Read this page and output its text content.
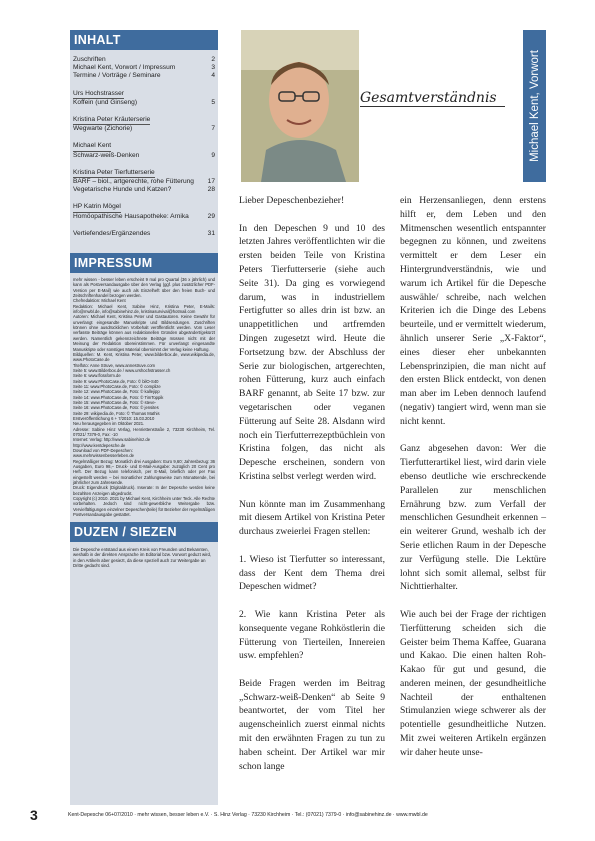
INHALT
Zuschriften	2
Michael Kent, Vorwort / Impressum	3
Termine / Vorträge / Seminare	4
Urs Hochstrasser
Koffein (und Ginseng)	5
Kristina Peter Kräuterserie
Wegwarte (Zichorie)	7
Michael Kent
Schwarz-weiß-Denken	9
Kristina Peter Tierfutterserie
BARF – biol., artgerechte, rohe Fütterung	17
Vegetarische Hunde und Katzen?	28
HP Katrin Mögel
Homöopathische Hausapotheke: Arnika	29
Vertiefendes/Ergänzendes	31
IMPRESSUM
mehr wissen - besser leben erscheint 9 mal pro Quartal (36 x jährlich) und kann als Postversandausgabe über den Verlag (ggf. plus zusätzlicher PDF-Version per E-Mail) wie auch als Einzelheft über den freien Buch- und Zeitschriftenhandel bezogen werden.
Chefredaktion: Michael Kent
Redaktion: Michael Kent, Sabine Hinz, Kristina Peter, E-Mails: info@mwbl.de, info@sabinehinz.de, kristinasurvival@hotmail.com
Autoren: Michael Kent, Kristina Peter und Gastautoren. Keine Gewähr für unverlangt eingesandte Manuskripte und Bildsendungen. Zuschriften können ohne ausdrücklichen Vorbehalt veröffentlicht werden. Vom Leser verfasste Beiträge können aus redaktionellen Gründen abgeändert/gekürzt werden. Namentlich gekennzeichnete Beiträge müssen nicht mit der Meinung der Redaktion übereinstimmen. Für unverlangt eingesandte Manuskripte oder sonstiges Material übernimmt der Verlag keine Haftung.
Bildquellen: M. Kent, Kristina Peter, www.bilderbox.de, www.wikipedia.de, www.PhotoCase.de
Titelfoto: Anne Struve, www.annestruve.com
Seite 5: www.Bilderbox.de / www.urshochstrasser.ch
Seite 6: www.floraform.de
Seite 9: www.PhotoCase.de, Foto: © bilO-S40
Seite 11: www.PhotoCase.de, Foto: © complize
Seite 12: www.PhotoCase.de, Foto: © kallejipp
Seite 14: www.PhotoCase.de, Foto: © TimToppik
Seite 15: www.PhotoCase.de, Foto: © steve-
Seite 16: www.PhotoCase.de, Foto: © jensites
Seite 29: wikipedia.de, Foto: © Thomas Mathis
Erstveröffentlichung 6 + 7/2010: 15.03.2010
Neu herausgegeben im Oktober 2021.
Adresse: Sabine Hinz Verlag, Henriettenstraße 2, 73230 Kirchheim, Tel. 07021/ 7379-0, Fax: -10
Internet: Verlag: http://www.sabinehinz.de
http://www.kentdepesche.de
Download von PDF-Depeschen:
www.mehrwissenbesserleben.de
Regelmäßiger Bezug: Monatlich drei Ausgaben: Euro 9,60; Jahresbezug: 36 Ausgaben, Euro 98,– Druck- und E-Mail-Ausgabe: zuzüglich 20 Cent pro Heft. Der Bezug kann telefonisch, per E-Mail, brieflich oder per Fax eingestellt werden – bei monatlicher Zahlungsweise zum Monatsende, bei jährlicher zum Jahresende.
Druck: Eigendruck (Digitaldruck). Inserate: In der Depesche werden keine bezahlten Anzeigen abgedruckt.
Copyright (c) 2010. 2021 by Michael Kent, Kirchheim unter Teck. Alle Rechte vorbehalten. Jedoch sind nicht-gewerbliche Weitergabe bzw. Vervielfältigungen einzelner Depeschen(teile) für Bezieher der regelmäßigen Postversandausgabe gestattet.
DUZEN / SIEZEN
Die Depesche entstand aus einem Kreis von Freunden und Bekannten, weshalb in der direkten Ansprache im Editorial bzw. Vorwort geduzt wird, in den Artikeln aber gesiezt, da diese speziell auch zur Weitergabe an Dritte gedacht sind.
Gesamtverständnis	Michael Kent, Vorwort

Lieber Depeschenbezieher!

In den Depeschen 9 und 10 des letzten Jahres veröffentlichten wir die ersten beiden Teile von Kristina Peters Tierfutterserie (siehe auch Seite 31). Da ging es vorwiegend darum, was in industriellem Fertigfutter so alles drin ist bzw. an unappetitlichen und artfremden Dingen zugesetzt wird. Heute die Fortsetzung bzw. der Abschluss der Serie zur biologischen, artgerechten, rohen Fütterung, kurz auch einfach BARF genannt, ab Seite 17 bzw. zur vegetarischen oder veganen Fütterung auf Seite 28. Alsdann wird noch ein Tierfutterrezeptbüchlein von Kristina folgen, das nicht als Depesche erscheinen, sondern von Kristina selbst verlegt werden wird.

Nun könnte man im Zusammenhang mit diesem Artikel von Kristina Peter durchaus zweierlei Fragen stellen:

1. Wieso ist Tierfutter so interessant, dass der Kent dem Thema drei Depeschen widmet?

2. Wie kann Kristina Peter als konsequente vegane Rohköstlerin die Fütterung von Tierteilen, Innereien usw. empfehlen?

Beide Fragen werden im Beitrag „Schwarz-weiß-Denken“ ab Seite 9 beantwortet, der vom Titel her augenscheinlich zuerst einmal nichts mit den erwähnten Fragen zu tun zu haben scheint. Der Artikel war mir schon lange

ein Herzensanliegen, denn erstens hilft er, dem Leben und den Mitmenschen wesentlich entspannter begegnen zu können, und zweitens vermittelt er dem Leser ein Hintergrundverständnis, wie und warum ich Artikel für die Depesche auswähle/ schreibe, nach welchen Kriterien ich die Dinge des Lebens beurteile, und er vermittelt wiederum, ähnlich unserer Serie „X-Faktor“, eines dieser eher unbekannten Lebensprinzipien, die man nicht auf den ersten Blick entdeckt, von denen man aber im Leben dennoch laufend (negativ) tangiert wird, wenn man sie nicht kennt.

Ganz abgesehen davon: Wer die Tierfutterartikel liest, wird darin viele ebenso deutliche wie erschreckende Parallelen zur menschlichen Ernährung bzw. zum Verfall der menschlichen Gesundheit erkennen – ein weiterer Grund, weshalb ich der Serie etlichen Raum in der Depesche zur Verfügung stelle. Die Lektüre lohnt sich somit allemal, selbst für Nichttierhalter.

Wie auch bei der Frage der richtigen Tierfütterung scheiden sich die Geister beim Thema Kaffee, Guarana und Kakao. Die einen halten Roh-Kakao für gut und gesund, die anderen meinen, der gesundheitliche Nachteil der enthaltenen Stimulanzien wiege schwerer als der potentielle gesundheitliche Nutzen. Mit zwei weiteren Artikeln ergänzen wir daher heute unse-

3	Kent-Depesche 06+07/2010 · mehr wissen, besser leben e.V. · S. Hinz Verlag · 73230 Kirchheim · Tel.: (07021) 7379-0 · info@sabinehinz.de · www.mwbl.de
